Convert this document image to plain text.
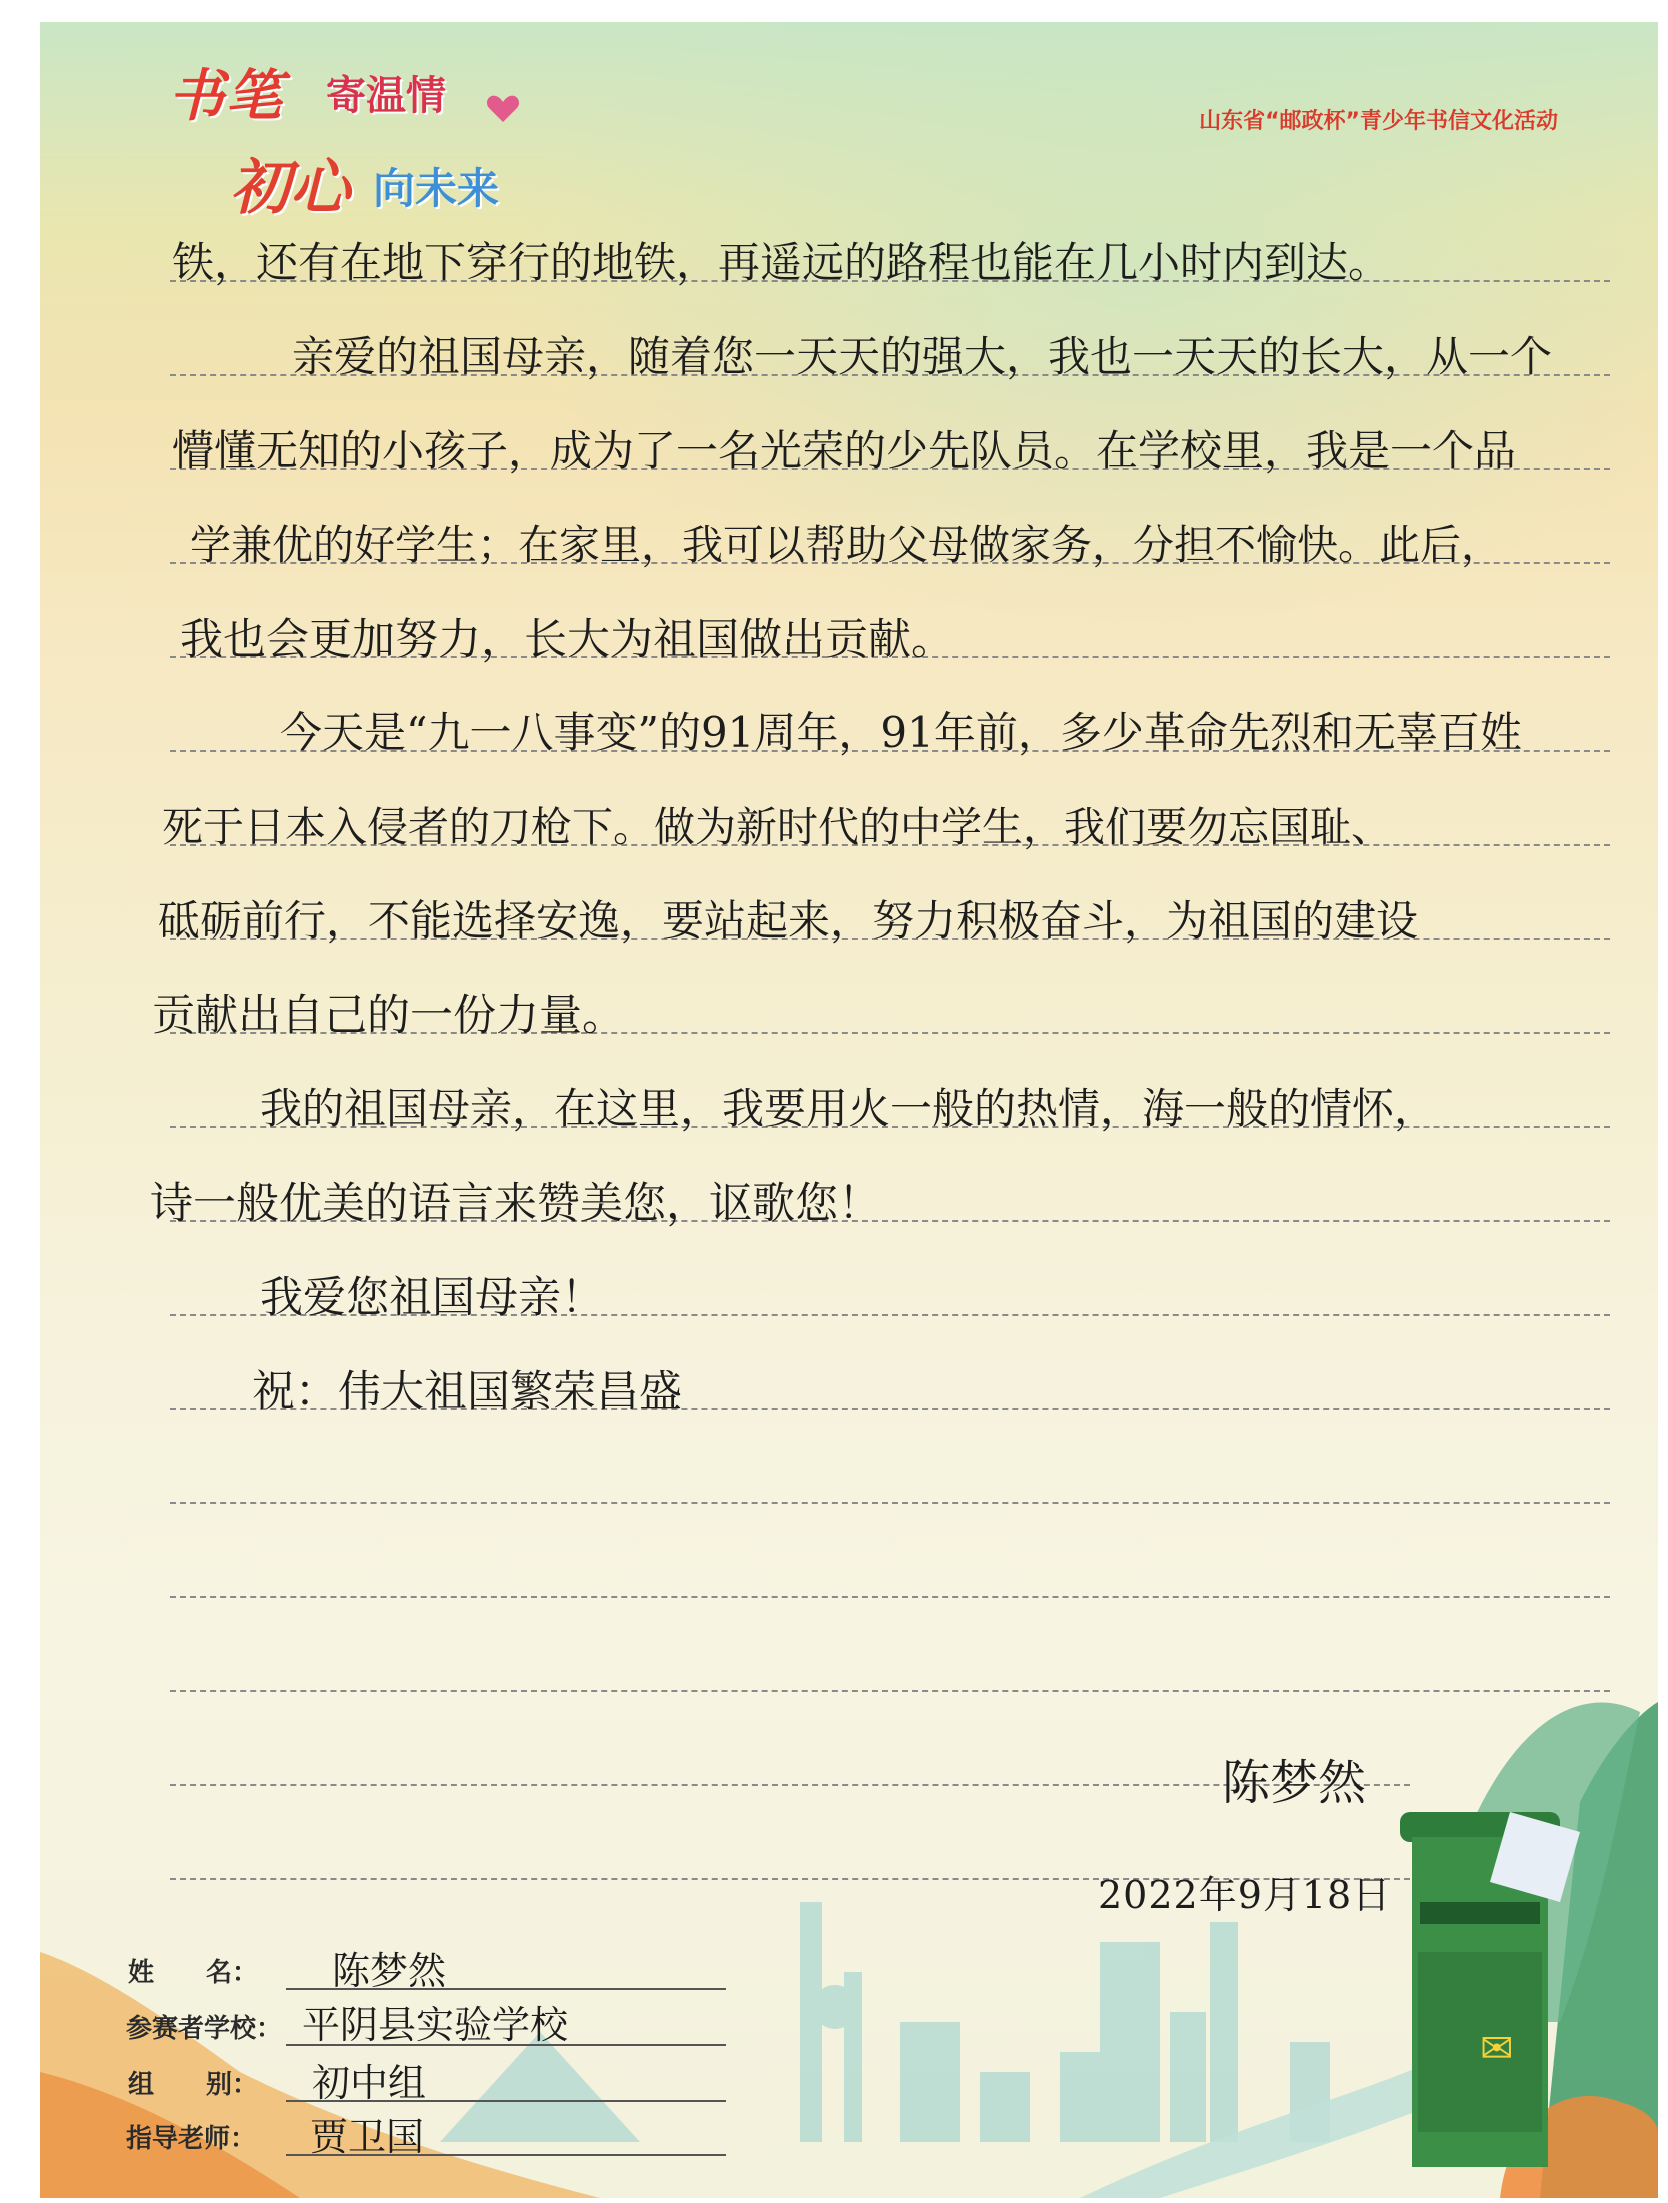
✉
书笔 寄温情
初心 向未来
山东省“邮政杯”青少年书信文化活动
铁，还有在地下穿行的地铁，再遥远的路程也能在几小时内到达。
亲爱的祖国母亲，随着您一天天的强大，我也一天天的长大，从一个
懵懂无知的小孩子，成为了一名光荣的少先队员。在学校里，我是一个品
学兼优的好学生；在家里，我可以帮助父母做家务，分担不愉快。此后，
我也会更加努力，长大为祖国做出贡献。
今天是“九一八事变”的91周年，91年前，多少革命先烈和无辜百姓
死于日本入侵者的刀枪下。做为新时代的中学生，我们要勿忘国耻、
砥砺前行，不能选择安逸，要站起来，努力积极奋斗，为祖国的建设
贡献出自己的一份力量。
我的祖国母亲，在这里，我要用火一般的热情，海一般的情怀，
诗一般优美的语言来赞美您，讴歌您！
我爱您祖国母亲！
祝：伟大祖国繁荣昌盛
陈梦然
2022年9月18日
姓　　名： 陈梦然
参赛者学校： 平阴县实验学校
组　　别： 初中组
指导老师： 贾卫国
